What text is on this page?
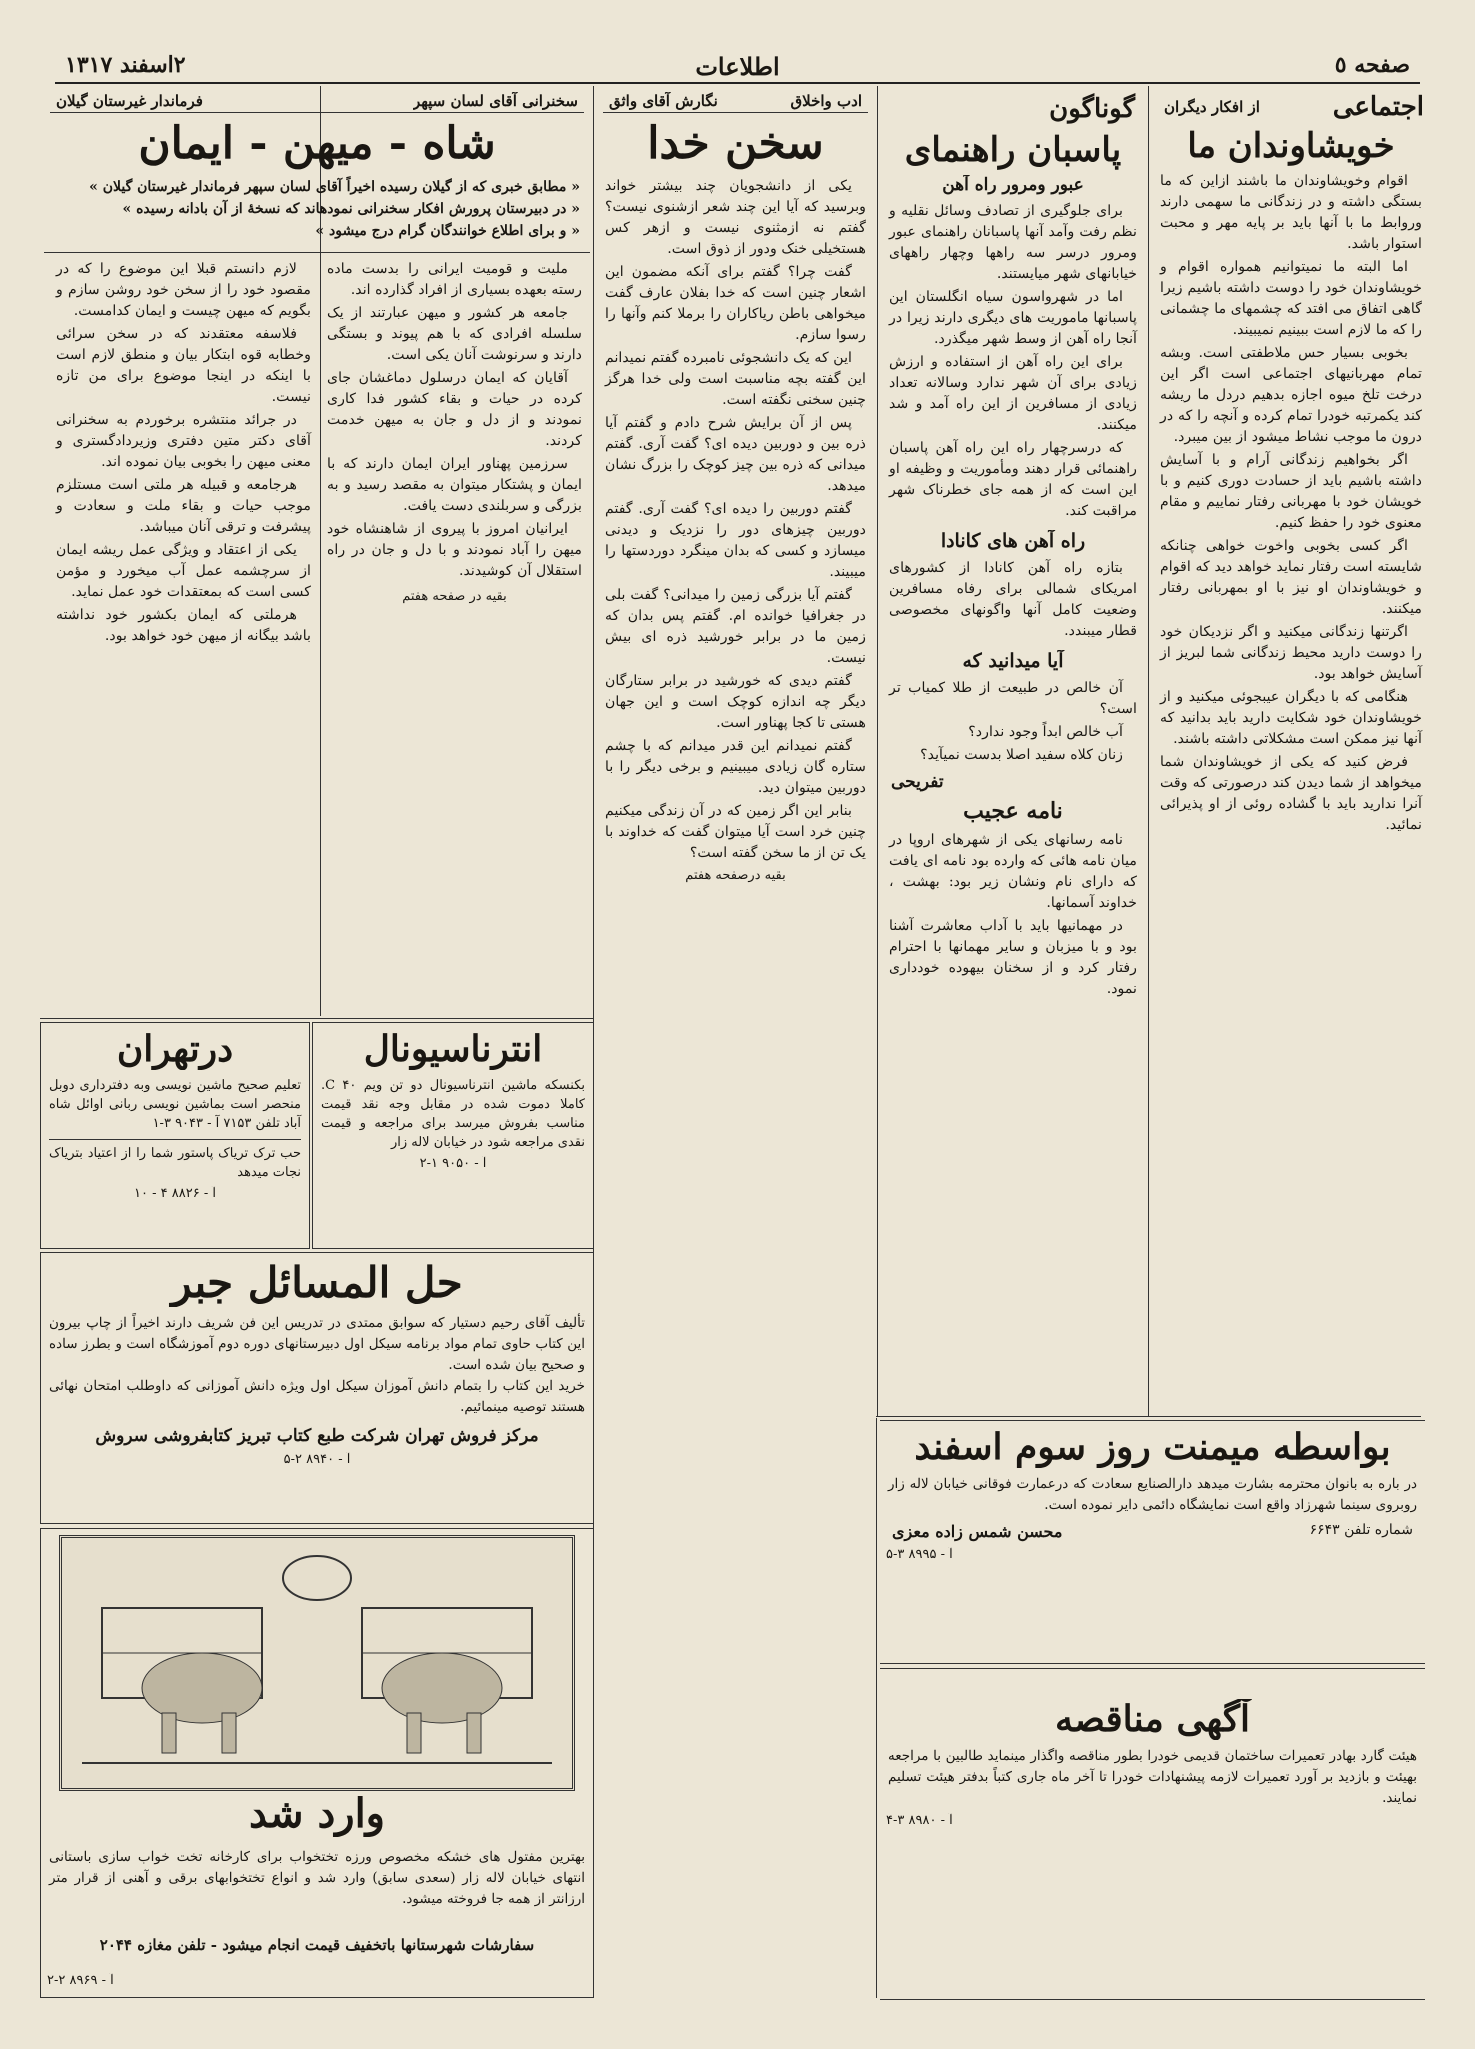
صفحه ٥
اطلاعات
۲اسفند ۱۳۱۷
اجتماعی
از افکار دیگران
خویشاوندان ما

اقوام وخویشاوندان ما باشند ازاین که ما بستگی داشته و در زندگانی ما سهمی دارند وروابط ما با آنها باید بر پایه مهر و محبت استوار باشد.

اما البته ما نمیتوانیم همواره اقوام و خویشاوندان خود را دوست داشته باشیم زیرا گاهی اتفاق می افتد که چشمهای ما چشمانی را که ما لازم است ببینیم نمیبیند.

بخوبی بسیار حس ملاطفتی است. وبشه تمام مهربانیهای اجتماعی است اگر این درخت تلخ میوه اجازه بدهیم دردل ما ریشه کند یکمرتبه خودرا تمام کرده و آنچه را که در درون ما موجب نشاط میشود از بین میبرد.

اگر بخواهیم زندگانی آرام و با آسایش داشته باشیم باید از حسادت دوری کنیم و با خویشان خود با مهربانی رفتار نماییم و مقام معنوی خود را حفظ کنیم.

اگر کسی بخوبی واخوت خواهی چنانکه شایسته است رفتار نماید خواهد دید که اقوام و خویشاوندان او نیز با او بمهربانی رفتار میکنند.

اگرتنها زندگانی میکنید و اگر نزدیکان خود را دوست دارید محیط زندگانی شما لبریز از آسایش خواهد بود.

هنگامی که با دیگران عیبجوئی میکنید و از خویشاوندان خود شکایت دارید باید بدانید که آنها نیز ممکن است مشکلاتی داشته باشند.

فرض کنید که یکی از خویشاوندان شما میخواهد از شما دیدن کند درصورتی که وقت آنرا ندارید باید با گشاده روئی از او پذیرائی نمائید.

گوناگون
پاسبان راهنمای
عبور ومرور راه آهن

برای جلوگیری از تصادف وسائل نقلیه و نظم رفت وآمد آنها پاسبانان راهنمای عبور ومرور درسر سه راهها وچهار راههای خیابانهای شهر میایستند.

اما در شهرواسون سیاه انگلستان این پاسبانها ماموریت های دیگری دارند زیرا در آنجا راه آهن از وسط شهر میگذرد.

برای این راه آهن از استفاده و ارزش زیادی برای آن شهر ندارد وسالانه تعداد زیادی از مسافرین از این راه آمد و شد میکنند.

که درسرچهار راه این راه آهن پاسبان راهنمائی قرار دهند ومأموریت و وظیفه او این است که از همه جای خطرناک شهر مراقبت کند.

راه آهن های کانادا

بتازه راه آهن کانادا از کشورهای امریکای شمالی برای رفاه مسافرین وضعیت کامل آنها واگونهای مخصوصی قطار میبندد.

آیا میدانید که

آن خالص در طبیعت از طلا کمیاب تر است؟

آب خالص ابداً وجود ندارد؟

زنان کلاه سفید اصلا بدست نمیآید؟

تفریحی
نامه عجیب

نامه رسانهای یکی از شهرهای اروپا در میان نامه هائی که وارده بود نامه ای یافت که دارای نام ونشان زیر بود: بهشت ، خداوند آسمانها.

در مهمانیها باید با آداب معاشرت آشنا بود و با میزبان و سایر مهمانها با احترام رفتار کرد و از سخنان بیهوده خودداری نمود.

ادب واخلاق
نگارش آقای واثق
سخن خدا

یکی از دانشجویان چند بیشتر خواند وبرسید که آیا این چند شعر ازشنوی نیست؟ گفتم نه ازمثنوی نیست و ازهر کس هستخیلی خنک ودور از ذوق است.

گفت چرا؟ گفتم برای آنکه مضمون این اشعار چنین است که خدا بفلان عارف گفت میخواهی باطن ریاکاران را برملا کنم وآنها را رسوا سازم.

این که یک دانشجوئی نامبرده گفتم نمیدانم این گفته بچه مناسبت است ولی خدا هرگز چنین سخنی نگفته است.

پس از آن برایش شرح دادم و گفتم آیا ذره بین و دوربین دیده ای؟ گفت آری. گفتم میدانی که ذره بین چیز کوچک را بزرگ نشان میدهد.

گفتم دوربین را دیده ای؟ گفت آری. گفتم دوربین چیزهای دور را نزدیک و دیدنی میسازد و کسی که بدان مینگرد دوردستها را میبیند.

گفتم آیا بزرگی زمین را میدانی؟ گفت بلی در جغرافیا خوانده ام. گفتم پس بدان که زمین ما در برابر خورشید ذره ای بیش نیست.

گفتم دیدی که خورشید در برابر ستارگان دیگر چه اندازه کوچک است و این جهان هستی تا کجا پهناور است.

گفتم نمیدانم این قدر میدانم که با چشم ستاره گان زیادی میبینیم و برخی دیگر را با دوربین میتوان دید.

بنابر این اگر زمین که در آن زندگی میکنیم چنین خرد است آیا میتوان گفت که خداوند با یک تن از ما سخن گفته است؟

بقیه درصفحه هفتم
سخنرانی آقای لسان سپهر
فرماندار غیرستان گیلان
شاه - میهن - ایمان
« مطابق خبری که از گیلان رسیده اخیراً آقای لسان سپهر فرماندار غیرستان گیلان »
« در دبیرستان پرورش افکار سخنرانی نمودهاند که نسخهٔ از آن بادانه رسیده »
« و برای اطلاع خوانندگان گرام درج میشود »

ملیت و قومیت ایرانی را بدست ماده رسته بعهده بسیاری از افراد گذارده اند.

جامعه هر کشور و میهن عبارتند از یک سلسله افرادی که با هم پیوند و بستگی دارند و سرنوشت آنان یکی است.

آقایان که ایمان درسلول دماغشان جای کرده در حیات و بقاء کشور فدا کاری نمودند و از دل و جان به میهن خدمت کردند.

سرزمین پهناور ایران ایمان دارند که با ایمان و پشتکار میتوان به مقصد رسید و به بزرگی و سربلندی دست یافت.

ایرانیان امروز با پیروی از شاهنشاه خود میهن را آباد نمودند و با دل و جان در راه استقلال آن کوشیدند.

بقیه در صفحه هفتم

لازم دانستم قبلا این موضوع را که در مقصود خود را از سخن خود روشن سازم و بگویم که میهن چیست و ایمان کدامست.

فلاسفه معتقدند که در سخن سرائی وخطابه قوه ابتکار بیان و منطق لازم است با اینکه در اینجا موضوع برای من تازه نیست.

در جرائد منتشره برخوردم به سخنرانی آقای دکتر متین دفتری وزیردادگستری و معنی میهن را بخوبی بیان نموده اند.

هرجامعه و قبیله هر ملتی است مستلزم موجب حیات و بقاء ملت و سعادت و پیشرفت و ترقی آنان میباشد.

یکی از اعتقاد و ویژگی عمل ریشه ایمان از سرچشمه عمل آب میخورد و مؤمن کسی است که بمعتقدات خود عمل نماید.

هرملتی که ایمان بکشور خود نداشته باشد بیگانه از میهن خود خواهد بود.

درتهران
تعلیم صحیح ماشین نویسی وبه دفترداری دوبل منحصر است بماشین نویسی ربانی اوائل شاه آباد تلفن ۷۱۵۳ آ - ۹۰۴۳ ۳-۱
حب ترک تریاک پاستور شما را از اعتیاد بتریاک نجات میدهد
آ - ۸۸۲۶ ۴ - ۱۰
انترناسیونال
بکنسکه ماشین انترناسیونال دو تن ویم ۴۰ C. کاملا دموت شده در مقابل وجه نقد قیمت مناسب بفروش میرسد برای مراجعه و قیمت نقدی مراجعه شود در خیابان لاله زار
آ - ۹۰۵۰ ۱-۲
حل المسائل جبر
تألیف آقای رحیم دستیار که سوابق ممتدی در تدریس این فن شریف دارند اخیراً از چاپ بیرون این کتاب حاوی تمام مواد برنامه سیکل اول دبیرستانهای دوره دوم آموزشگاه است و بطرز ساده و صحیح بیان شده است.
خرید این کتاب را بتمام دانش آموزان سیکل اول ویژه دانش آموزانی که داوطلب امتحان نهائی هستند توصیه مینمائیم.
مرکز فروش تهران شرکت طبع کتاب تبریز کتابفروشی سروش
آ - ۸۹۴۰ ۲-۵
وارد شد
بهترین مفتول های خشکه مخصوص ورزه تختخواب برای کارخانه تخت خواب سازی باستانی انتهای خیابان لاله زار (سعدی سابق) وارد شد و انواع تختخوابهای برقی و آهنی از قرار متر ارزانتر از همه جا فروخته میشود.
سفارشات شهرستانها باتخفیف قیمت انجام میشود - تلفن مغازه ۲۰۴۴
آ - ۸۹۶۹ ۲-۲
بواسطه میمنت روز سوم اسفند
در باره به بانوان محترمه بشارت میدهد دارالصنایع سعادت که درعمارت فوقانی خیابان لاله زار روبروی سینما شهرزاد واقع است نمایشگاه دائمی دایر نموده است.
شماره تلفن ۶۶۴۳
محسن شمس زاده معزی
آ - ۸۹۹۵ ۳-۵
آگهی مناقصه
هیئت گارد بهادر تعمیرات ساختمان قدیمی خودرا بطور مناقصه واگذار مینماید طالبین با مراجعه بهیئت و بازدید بر آورد تعمیرات لازمه پیشنهادات خودرا تا آخر ماه جاری کتباً بدفتر هیئت تسلیم نمایند.
آ - ۸۹۸۰ ۳-۴
